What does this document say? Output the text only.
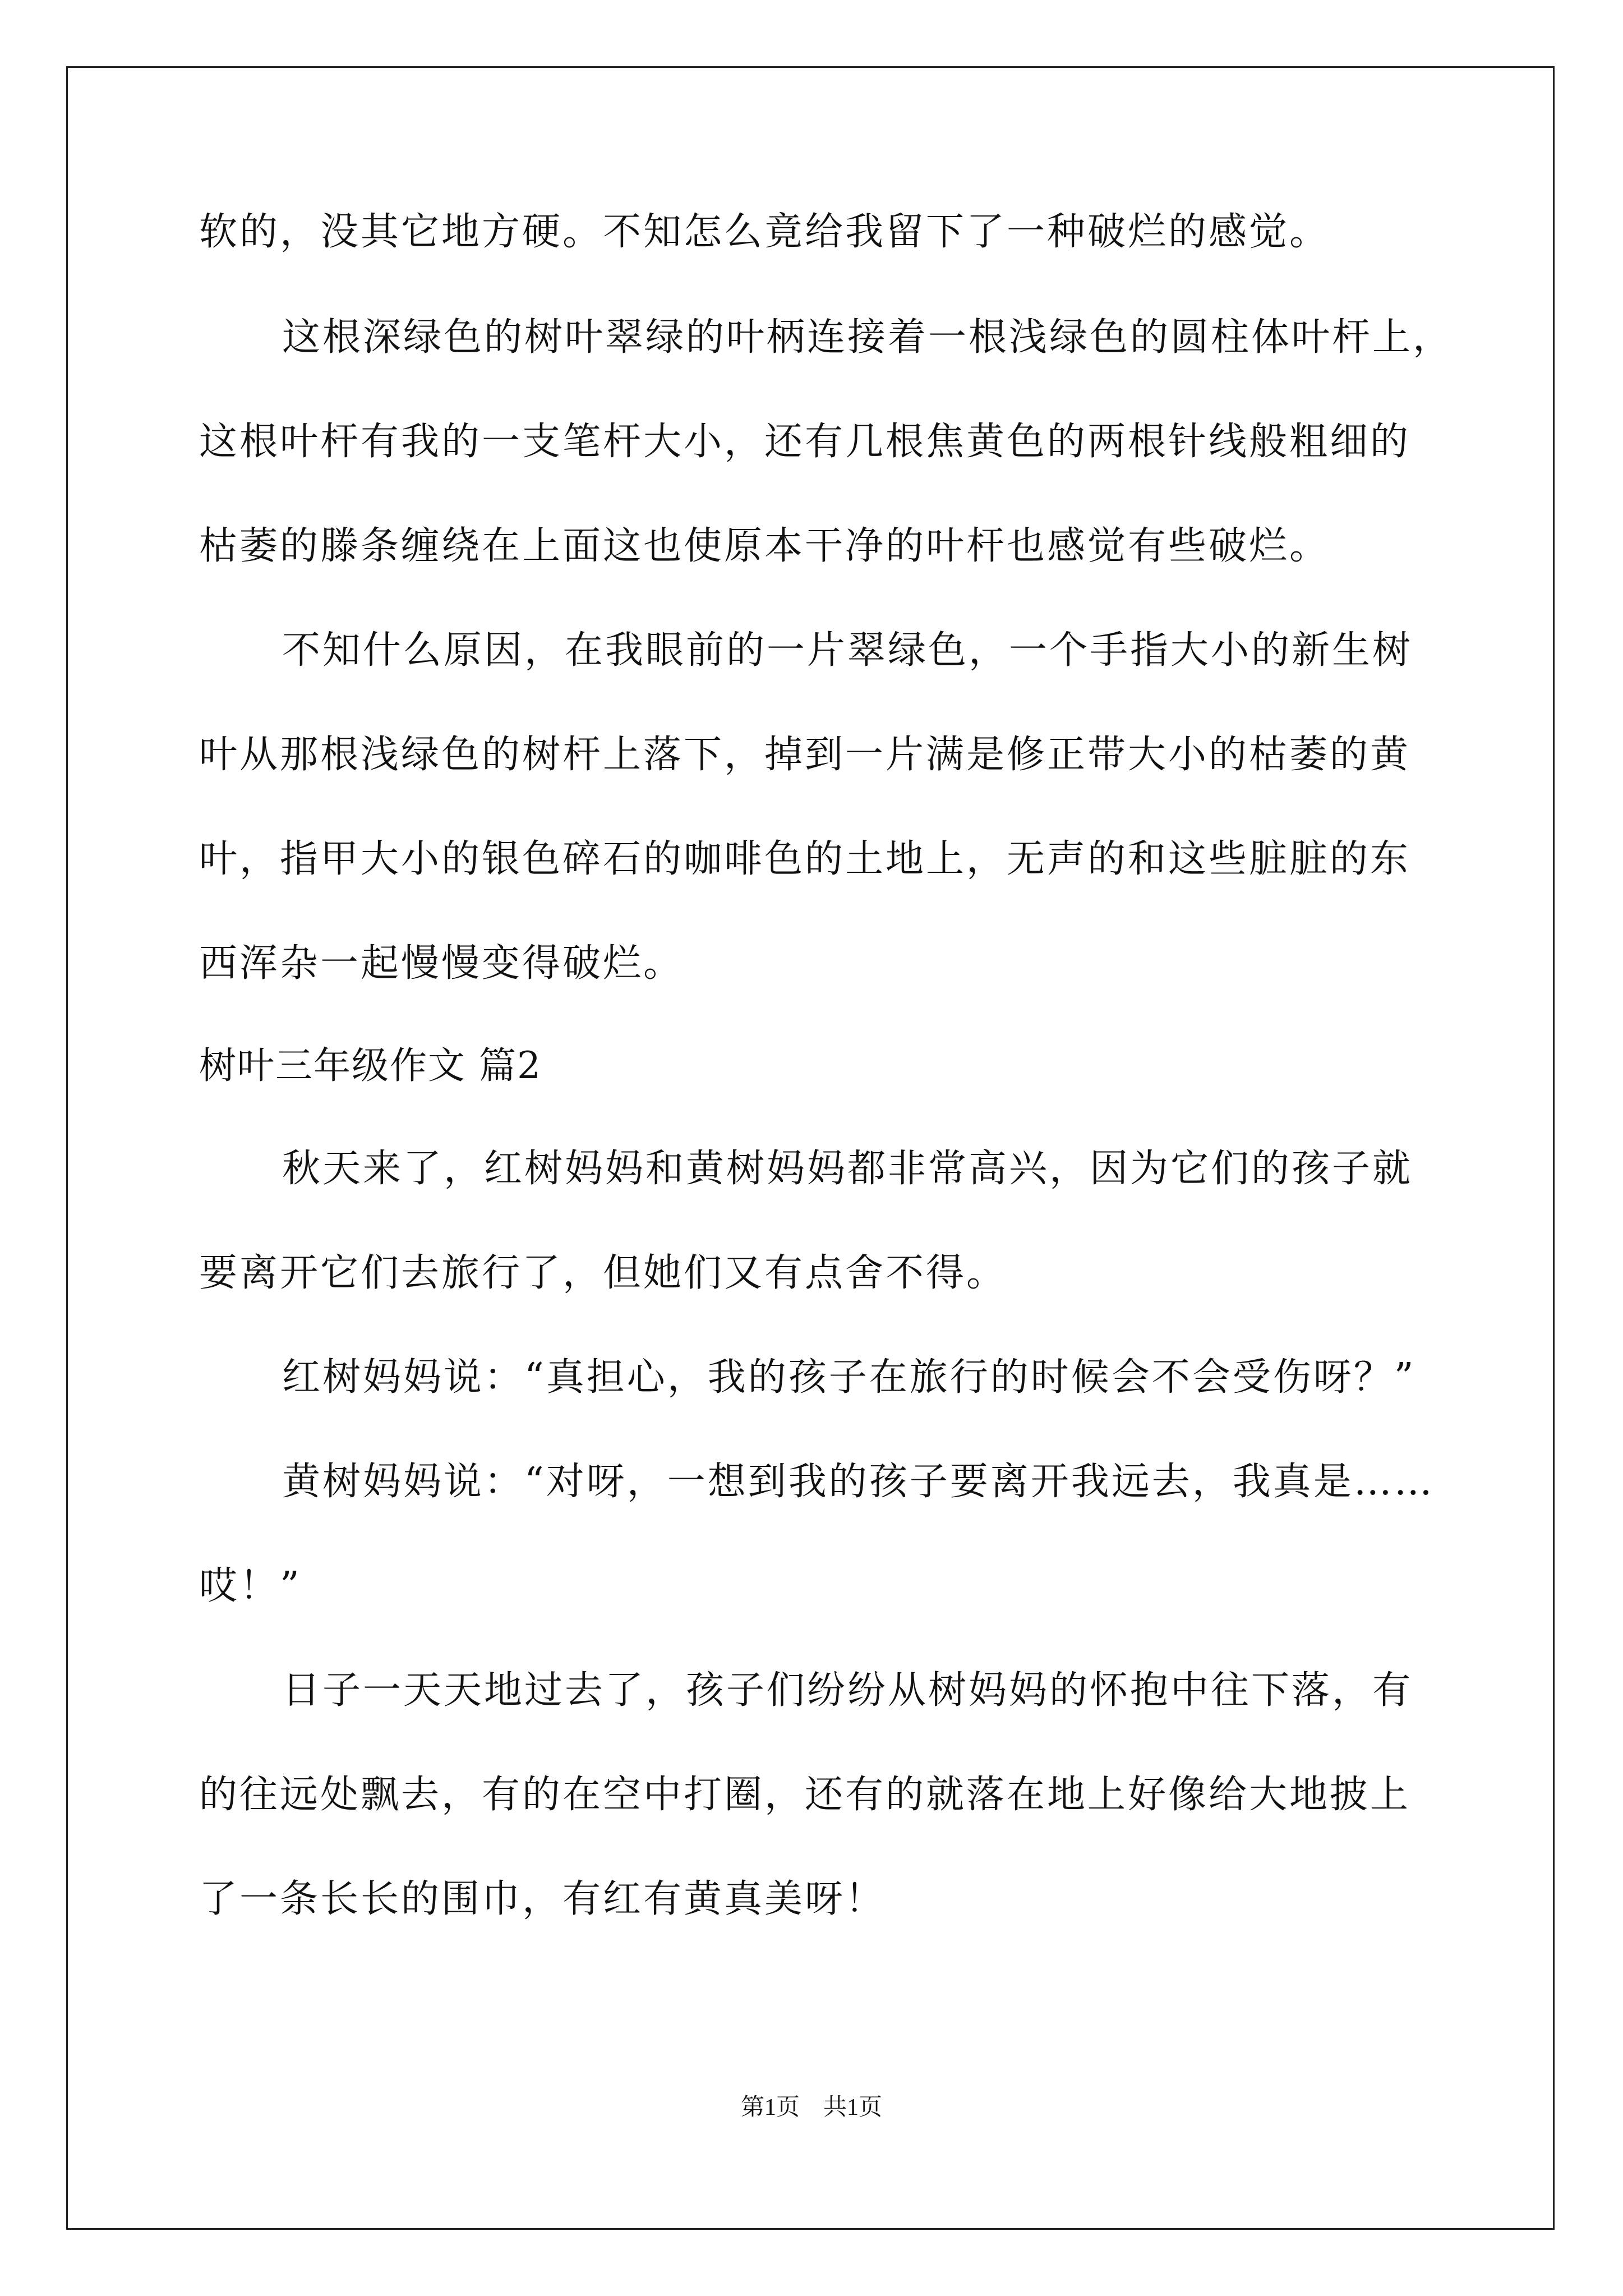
软的，没其它地方硬。不知怎么竟给我留下了一种破烂的感觉。
这根深绿色的树叶翠绿的叶柄连接着一根浅绿色的圆柱体叶杆上，
这根叶杆有我的一支笔杆大小，还有几根焦黄色的两根针线般粗细的
枯萎的滕条缠绕在上面这也使原本干净的叶杆也感觉有些破烂。
不知什么原因，在我眼前的一片翠绿色，一个手指大小的新生树
叶从那根浅绿色的树杆上落下，掉到一片满是修正带大小的枯萎的黄
叶，指甲大小的银色碎石的咖啡色的土地上，无声的和这些脏脏的东
西浑杂一起慢慢变得破烂。
树叶三年级作文 篇2
秋天来了，红树妈妈和黄树妈妈都非常高兴，因为它们的孩子就
要离开它们去旅行了，但她们又有点舍不得。
红树妈妈说：“真担心，我的孩子在旅行的时候会不会受伤呀？”
黄树妈妈说：“对呀，一想到我的孩子要离开我远去，我真是……
哎！”
日子一天天地过去了，孩子们纷纷从树妈妈的怀抱中往下落，有
的往远处飘去，有的在空中打圈，还有的就落在地上好像给大地披上
了一条长长的围巾，有红有黄真美呀！
第1页　共1页
